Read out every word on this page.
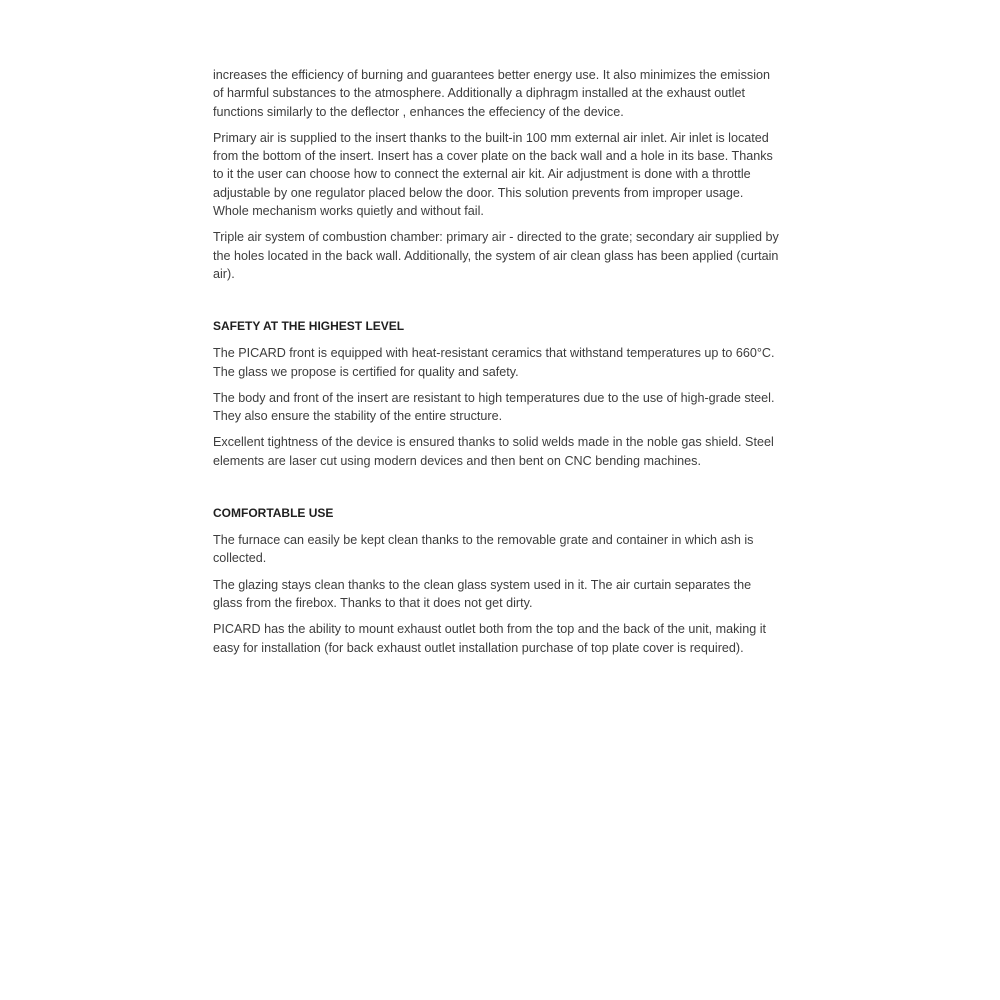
increases the efficiency of burning and guarantees better energy use. It also minimizes the emission
of harmful substances to the atmosphere. Additionally a diphragm installed at the exhaust outlet
functions similarly to the deflector , enhances the effeciency of the device.

Primary air is supplied to the insert thanks to the built-in 100 mm external air inlet. Air inlet is located
from the bottom of the insert. Insert has a cover plate on the back wall and a hole in its base. Thanks
to it the user can choose how to connect the external air kit. Air adjustment is done with a throttle
adjustable by one regulator placed below the door. This solution prevents from improper usage.
Whole mechanism works quietly and without fail.

Triple air system of combustion chamber: primary air - directed to the grate; secondary air supplied by
the holes located in the back wall. Additionally, the system of air clean glass has been applied (curtain
air).

SAFETY AT THE HIGHEST LEVEL

The PICARD front is equipped with heat-resistant ceramics that withstand temperatures up to 660°C.
The glass we propose is certified for quality and safety.

The body and front of the insert are resistant to high temperatures due to the use of high-grade steel.
They also ensure the stability of the entire structure.

Excellent tightness of the device is ensured thanks to solid welds made in the noble gas shield. Steel
elements are laser cut using modern devices and then bent on CNC bending machines.

COMFORTABLE USE

The furnace can easily be kept clean thanks to the removable grate and container in which ash is
collected.

The glazing stays clean thanks to the clean glass system used in it. The air curtain separates the
glass from the firebox. Thanks to that it does not get dirty.

PICARD has the ability to mount exhaust outlet both from the top and the back of the unit, making it
easy for installation (for back exhaust outlet installation purchase of top plate cover is required).
